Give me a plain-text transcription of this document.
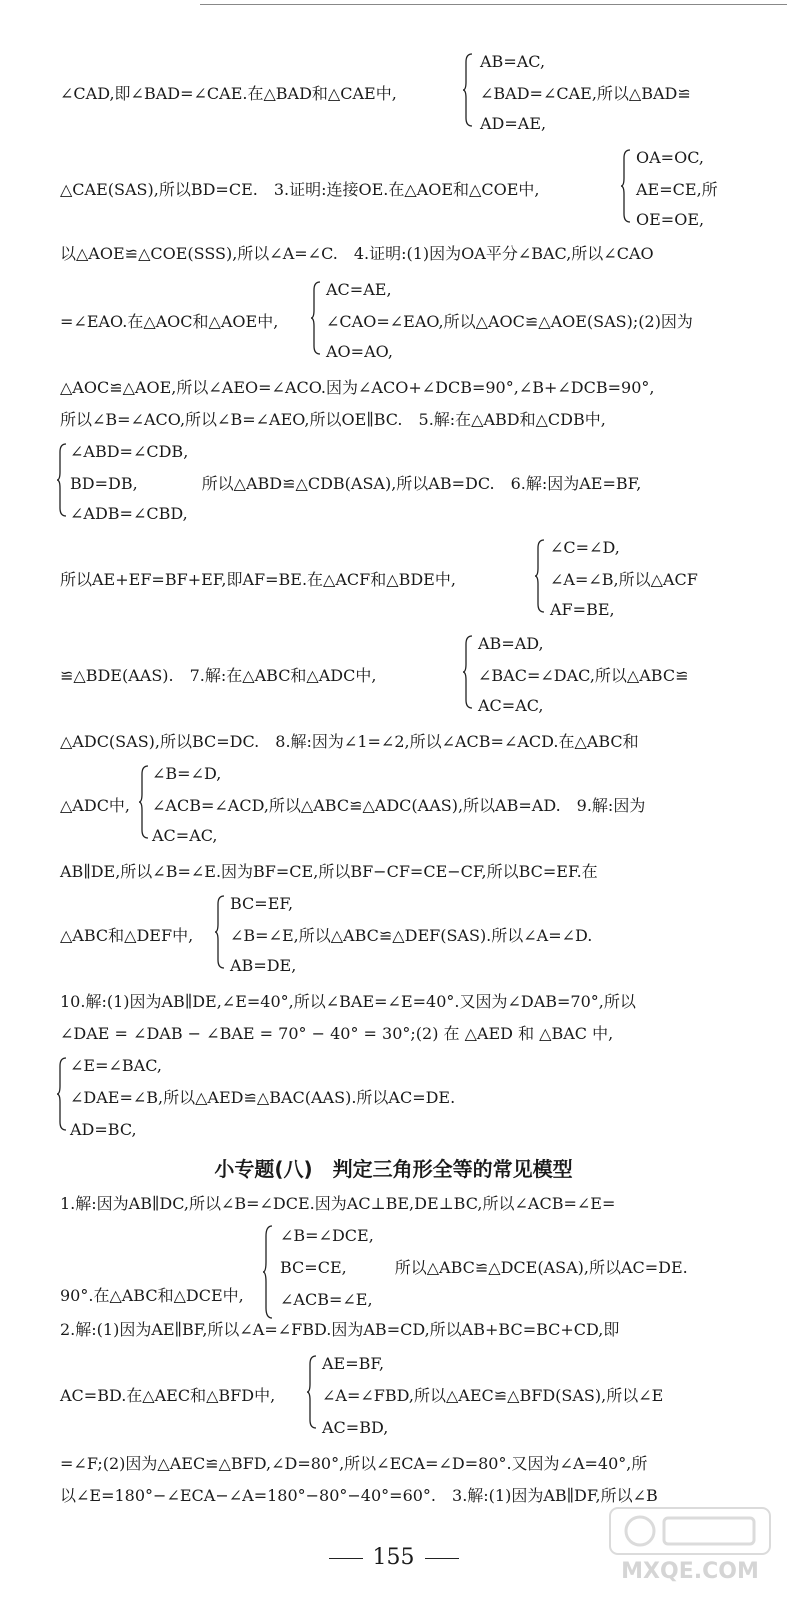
∠CAD,即∠BAD=∠CAE.在△BAD和△CAE中,
AB=AC,
∠BAD=∠CAE,所以△BAD≌
AD=AE,
△CAE(SAS),所以BD=CE.　3.证明:连接OE.在△AOE和△COE中,
OA=OC,
AE=CE,所
OE=OE,
以△AOE≌△COE(SSS),所以∠A=∠C.　4.证明:(1)因为OA平分∠BAC,所以∠CAO
=∠EAO.在△AOC和△AOE中,
AC=AE,
∠CAO=∠EAO,所以△AOC≌△AOE(SAS);(2)因为
AO=AO,
△AOC≌△AOE,所以∠AEO=∠ACO.因为∠ACO+∠DCB=90°,∠B+∠DCB=90°,
所以∠B=∠ACO,所以∠B=∠AEO,所以OE∥BC.　5.解:在△ABD和△CDB中,
∠ABD=∠CDB,
BD=DB,　　　　所以△ABD≌△CDB(ASA),所以AB=DC.　6.解:因为AE=BF,
∠ADB=∠CBD,
所以AE+EF=BF+EF,即AF=BE.在△ACF和△BDE中,
∠C=∠D,
∠A=∠B,所以△ACF
AF=BE,
≌△BDE(AAS).　7.解:在△ABC和△ADC中,
AB=AD,
∠BAC=∠DAC,所以△ABC≌
AC=AC,
△ADC(SAS),所以BC=DC.　8.解:因为∠1=∠2,所以∠ACB=∠ACD.在△ABC和
△ADC中,
∠B=∠D,
∠ACB=∠ACD,所以△ABC≌△ADC(AAS),所以AB=AD.　9.解:因为
AC=AC,
AB∥DE,所以∠B=∠E.因为BF=CE,所以BF−CF=CE−CF,所以BC=EF.在
△ABC和△DEF中,
BC=EF,
∠B=∠E,所以△ABC≌△DEF(SAS).所以∠A=∠D.
AB=DE,
10.解:(1)因为AB∥DE,∠E=40°,所以∠BAE=∠E=40°.又因为∠DAB=70°,所以
∠DAE = ∠DAB − ∠BAE = 70° − 40° = 30°;(2) 在 △AED 和 △BAC 中,
∠E=∠BAC,
∠DAE=∠B,所以△AED≌△BAC(AAS).所以AC=DE.
AD=BC,
小专题(八)　判定三角形全等的常见模型
1.解:因为AB∥DC,所以∠B=∠DCE.因为AC⊥BE,DE⊥BC,所以∠ACB=∠E=
90°.在△ABC和△DCE中,
∠B=∠DCE,
BC=CE,　　　所以△ABC≌△DCE(ASA),所以AC=DE.
∠ACB=∠E,
2.解:(1)因为AE∥BF,所以∠A=∠FBD.因为AB=CD,所以AB+BC=BC+CD,即
AC=BD.在△AEC和△BFD中,
AE=BF,
∠A=∠FBD,所以△AEC≌△BFD(SAS),所以∠E
AC=BD,
=∠F;(2)因为△AEC≌△BFD,∠D=80°,所以∠ECA=∠D=80°.又因为∠A=40°,所
以∠E=180°−∠ECA−∠A=180°−80°−40°=60°.　3.解:(1)因为AB∥DF,所以∠B
155
MXQE.COM
